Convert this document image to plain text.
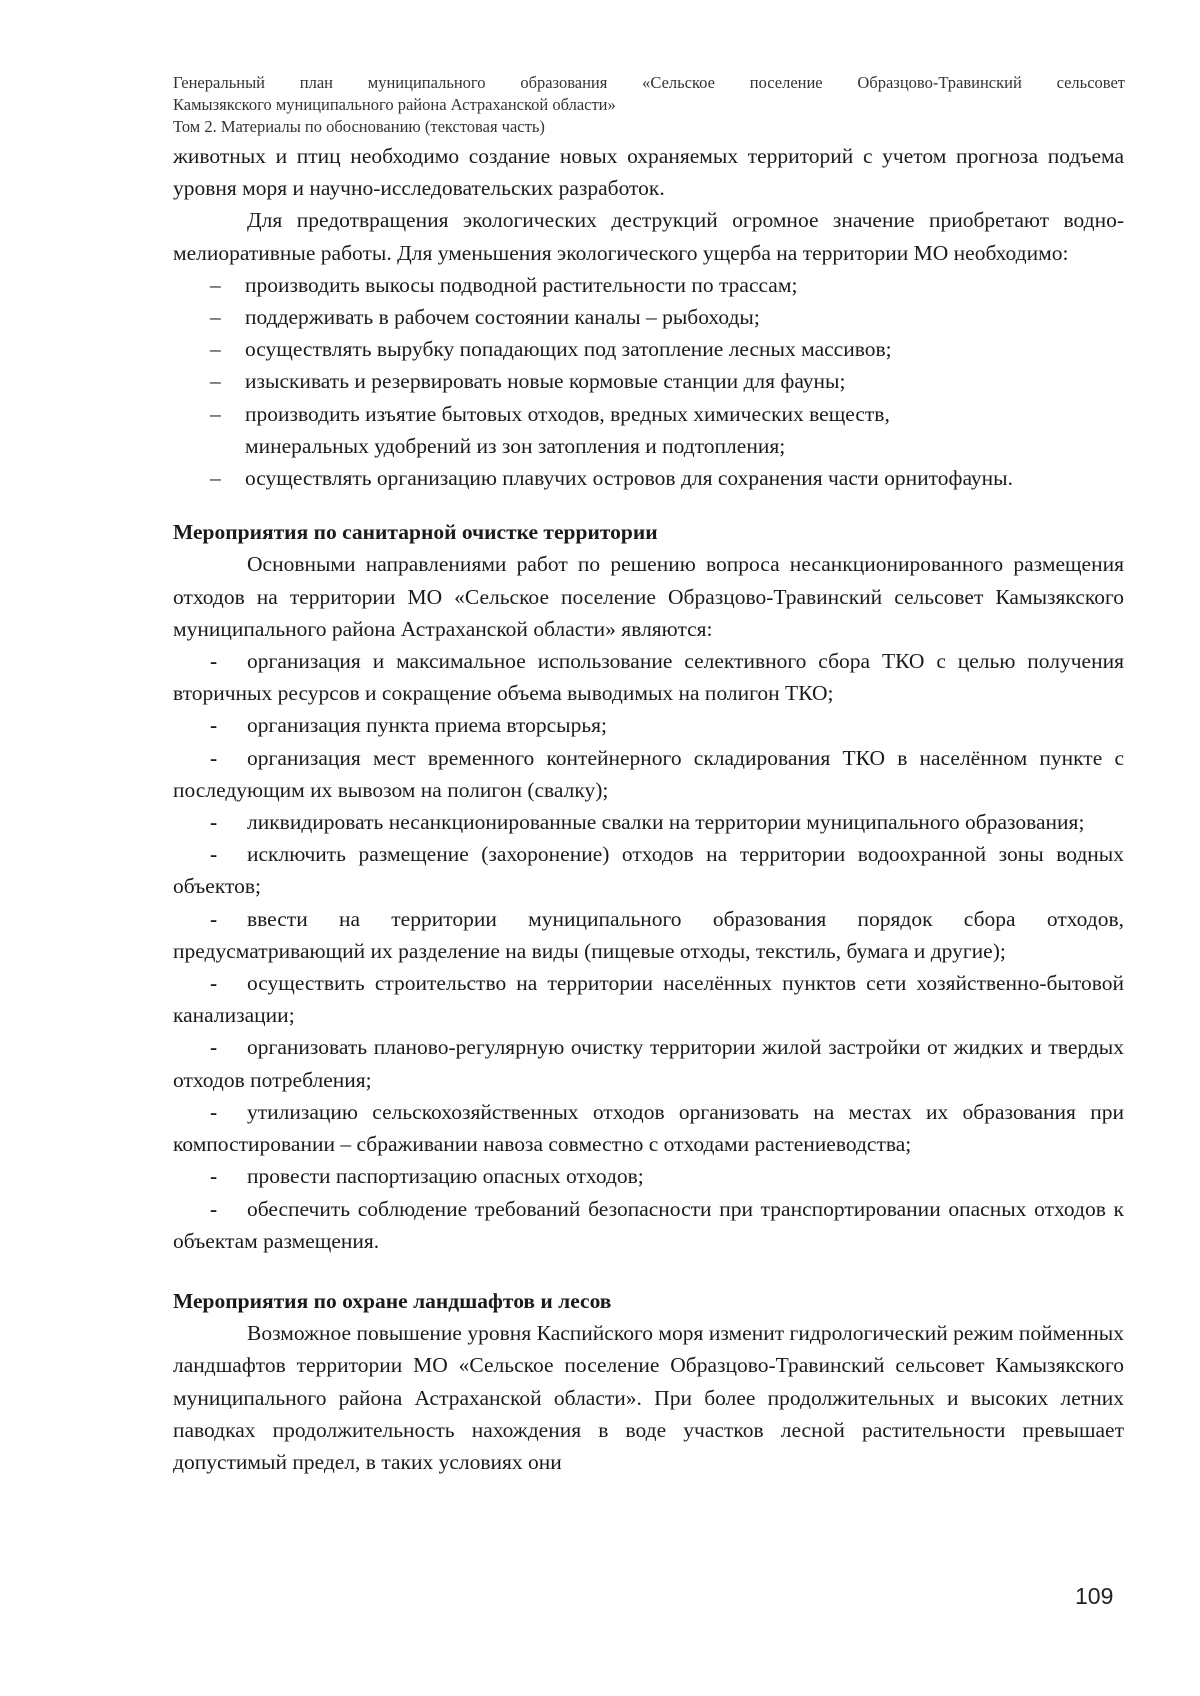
Генеральный план муниципального образования «Сельское поселение Образцово-Травинский сельсовет
Камызякского муниципального района Астраханской области»
Том 2. Материалы по обоснованию (текстовая часть)

животных и птиц необходимо создание новых охраняемых территорий с учетом прогноза подъема уровня моря и научно-исследовательских разработок.

Для предотвращения экологических деструкций огромное значение приобретают водно-мелиоративные работы. Для уменьшения экологического ущерба на территории МО необходимо:

– производить выкосы подводной растительности по трассам;

– поддерживать в рабочем состоянии каналы – рыбоходы;

– осуществлять вырубку попадающих под затопление лесных массивов;

– изыскивать и резервировать новые кормовые станции для фауны;

– производить изъятие бытовых отходов, вредных химических веществ, минеральных удобрений из зон затопления и подтопления;

– осуществлять организацию плавучих островов для сохранения части орнитофауны.

Мероприятия по санитарной очистке территории

Основными направлениями работ по решению вопроса несанкционированного размещения отходов на территории МО «Сельское поселение Образцово-Травинский сельсовет Камызякского муниципального района Астраханской области» являются:

- организация и максимальное использование селективного сбора ТКО с целью получения вторичных ресурсов и сокращение объема выводимых на полигон ТКО;

- организация пункта приема вторсырья;

- организация мест временного контейнерного складирования ТКО в населённом пункте с последующим их вывозом на полигон (свалку);

- ликвидировать несанкционированные свалки на территории муниципального образования;

- исключить размещение (захоронение) отходов на территории водоохранной зоны водных объектов;

- ввести на территории муниципального образования порядок сбора отходов, предусматривающий их разделение на виды (пищевые отходы, текстиль, бумага и другие);

- осуществить строительство на территории населённых пунктов сети хозяйственно-бытовой канализации;

- организовать планово-регулярную очистку территории жилой застройки от жидких и твердых отходов потребления;

- утилизацию сельскохозяйственных отходов организовать на местах их образования при компостировании – сбраживании навоза совместно с отходами растениеводства;

- провести паспортизацию опасных отходов;

- обеспечить соблюдение требований безопасности при транспортировании опасных отходов к объектам размещения.

Мероприятия по охране ландшафтов и лесов

Возможное повышение уровня Каспийского моря изменит гидрологический режим пойменных ландшафтов территории МО «Сельское поселение Образцово-Травинский сельсовет Камызякского муниципального района Астраханской области». При более продолжительных и высоких летних паводках продолжительность нахождения в воде участков лесной растительности превышает допустимый предел, в таких условиях они

109
